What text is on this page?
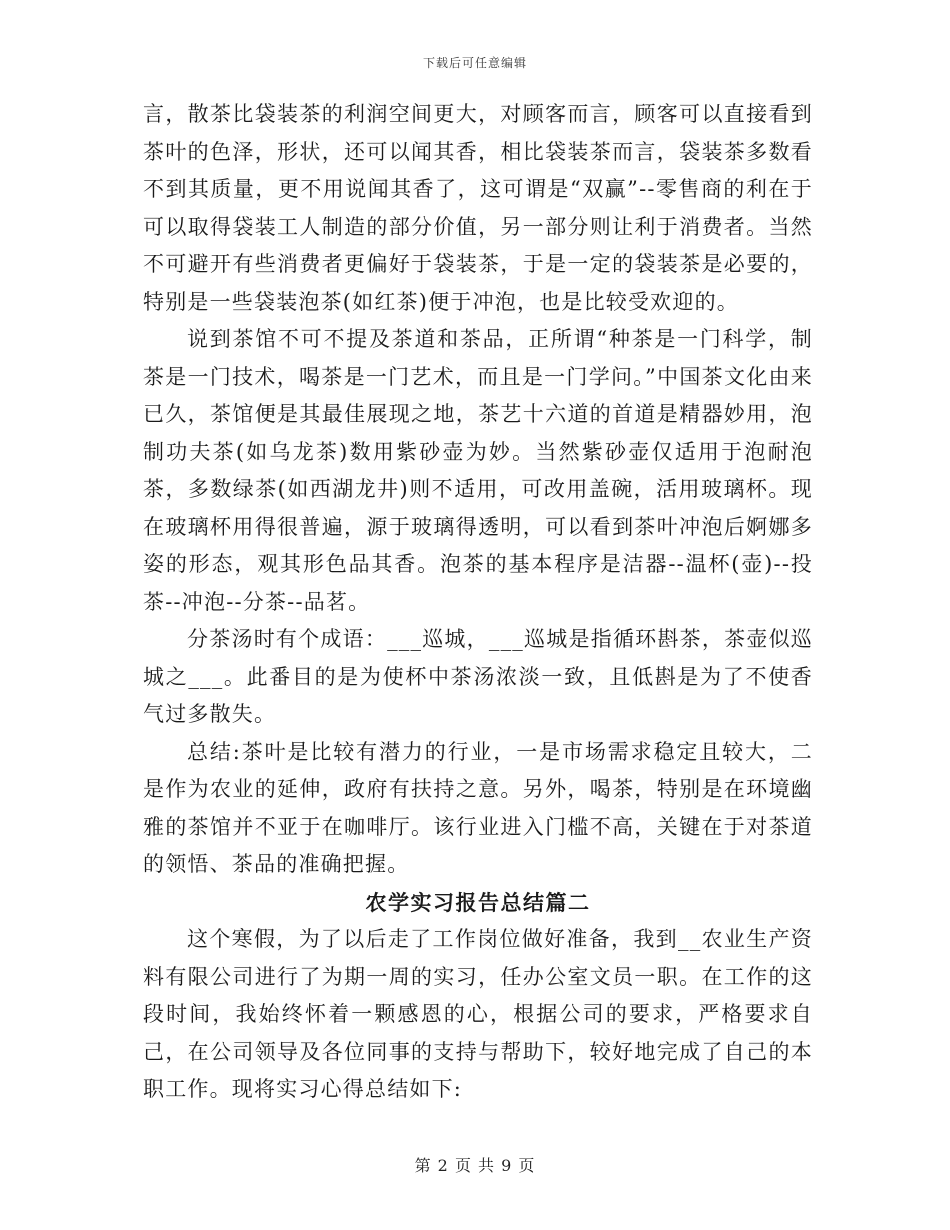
下载后可任意编辑

言，散茶比袋装茶的利润空间更大，对顾客而言，顾客可以直接看到茶叶的色泽，形状，还可以闻其香，相比袋装茶而言，袋装茶多数看不到其质量，更不用说闻其香了，这可谓是“双赢”--零售商的利在于可以取得袋装工人制造的部分价值，另一部分则让利于消费者。当然不可避开有些消费者更偏好于袋装茶，于是一定的袋装茶是必要的，特别是一些袋装泡茶(如红茶)便于冲泡，也是比较受欢迎的。

说到茶馆不可不提及茶道和茶品，正所谓“种茶是一门科学，制茶是一门技术，喝茶是一门艺术，而且是一门学问。”中国茶文化由来已久，茶馆便是其最佳展现之地，茶艺十六道的首道是精器妙用，泡制功夫茶(如乌龙茶)数用紫砂壶为妙。当然紫砂壶仅适用于泡耐泡茶，多数绿茶(如西湖龙井)则不适用，可改用盖碗，活用玻璃杯。现在玻璃杯用得很普遍，源于玻璃得透明，可以看到茶叶冲泡后婀娜多姿的形态，观其形色品其香。泡茶的基本程序是洁器--温杯(壶)--投茶--冲泡--分茶--品茗。

分茶汤时有个成语：___巡城，___巡城是指循环斟茶，茶壶似巡城之___。此番目的是为使杯中茶汤浓淡一致，且低斟是为了不使香气过多散失。

总结:茶叶是比较有潜力的行业，一是市场需求稳定且较大，二是作为农业的延伸，政府有扶持之意。另外，喝茶，特别是在环境幽雅的茶馆并不亚于在咖啡厅。该行业进入门槛不高，关键在于对茶道的领悟、茶品的准确把握。

农学实习报告总结篇二

这个寒假，为了以后走了工作岗位做好准备，我到__农业生产资料有限公司进行了为期一周的实习，任办公室文员一职。在工作的这段时间，我始终怀着一颗感恩的心，根据公司的要求，严格要求自己，在公司领导及各位同事的支持与帮助下，较好地完成了自己的本职工作。现将实习心得总结如下:

第 2 页 共 9 页
